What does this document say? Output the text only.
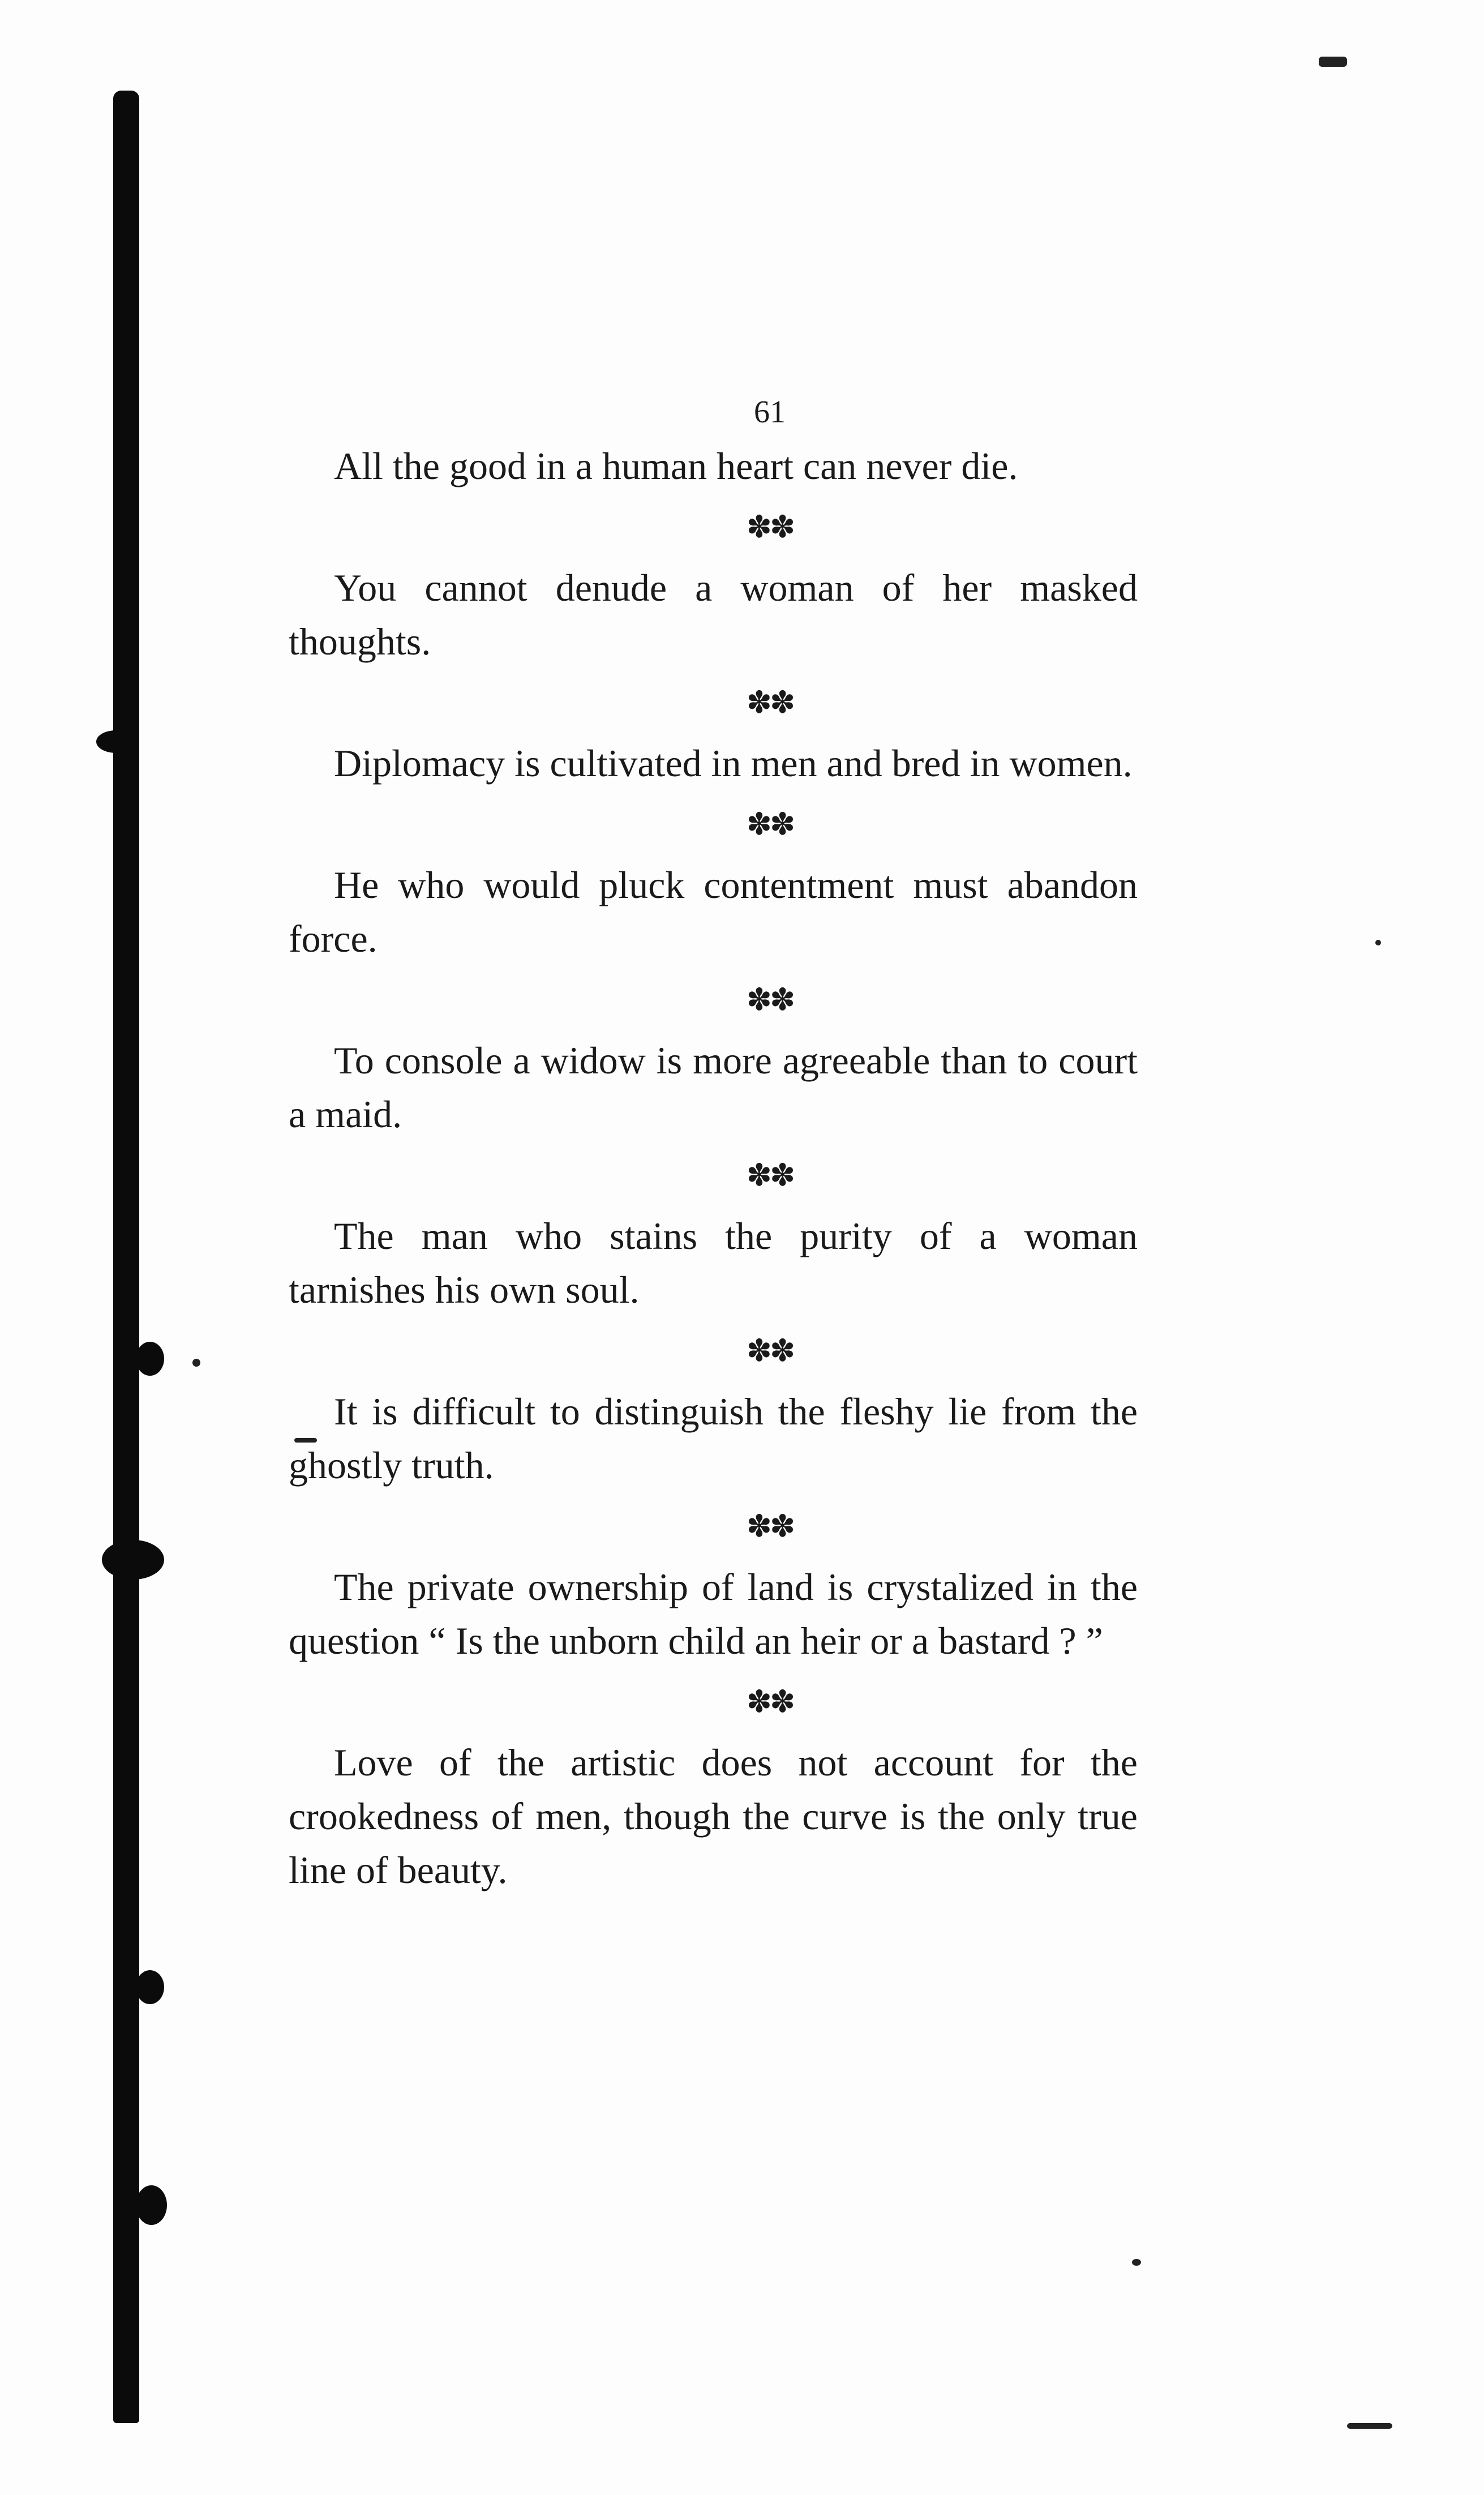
61

All the good in a human heart can never die.

✽✽

You cannot denude a woman of her masked thoughts.

✽✽

Diplomacy is cultivated in men and bred in women.

✽✽

He who would pluck contentment must abandon force.

✽✽

To console a widow is more agreeable than to court a maid.

✽✽

The man who stains the purity of a woman tarnishes his own soul.

✽✽

It is difficult to distinguish the fleshy lie from the ghostly truth.

✽✽

The private ownership of land is crystalized in the question “ Is the unborn child an heir or a bastard ? ”

✽✽

Love of the artistic does not account for the crookedness of men, though the curve is the only true line of beauty.
